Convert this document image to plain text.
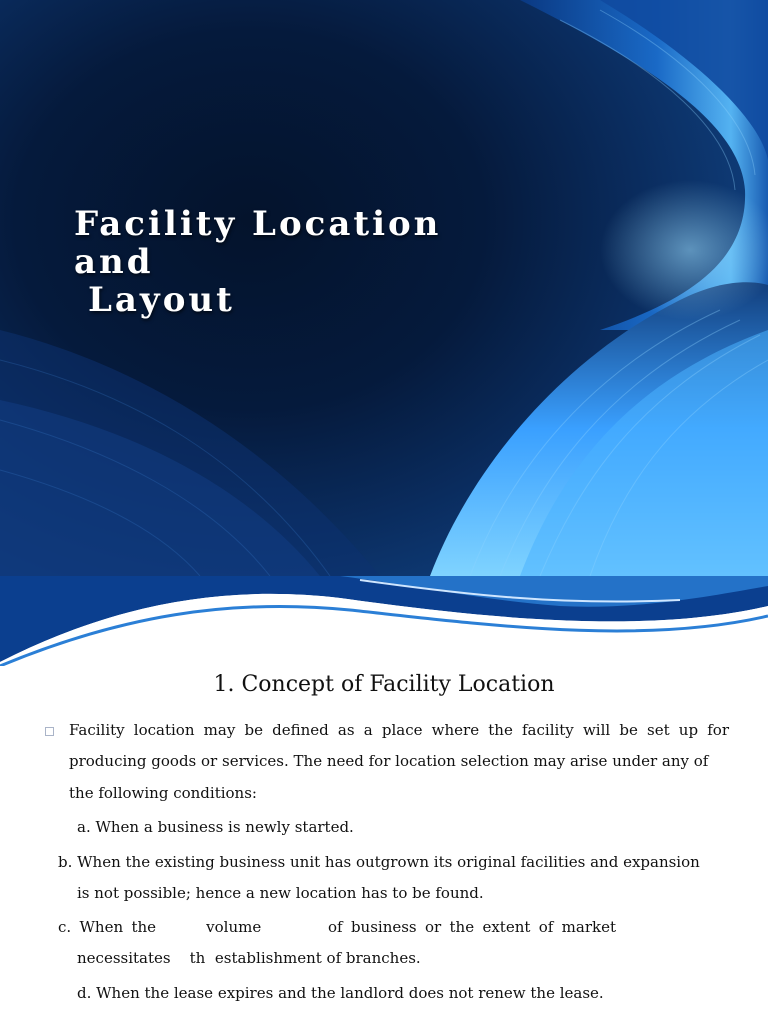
Facility Location and
Layout
1. Concept of Facility Location
Facility location may be defined as a place where the facility will be set up for
producing goods or services. The need for location selection may arise under any of
the following conditions:
a. When a business is newly started.
b. When the existing business unit has outgrown its original facilities and expansion
is not possible; hence a new location has to be found.
c. When the      volume        of business or the extent of market
necessitates    th  establishment of branches.
d. When the lease expires and the landlord does not renew the lease.
